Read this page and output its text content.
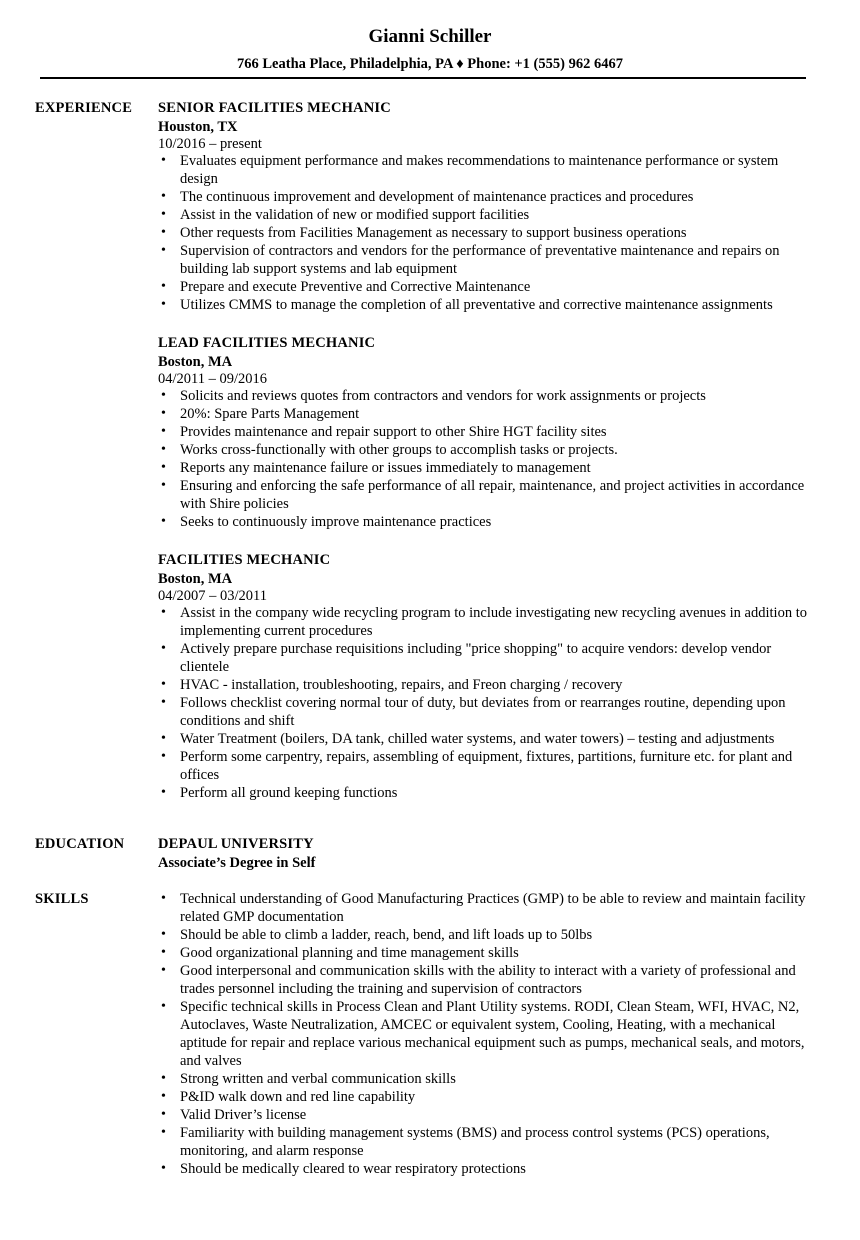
Gianni Schiller
766 Leatha Place, Philadelphia, PA ♦ Phone: +1 (555) 962 6467
EXPERIENCE SENIOR FACILITIES MECHANIC
Houston, TX
10/2016 – present
• Evaluates equipment performance and makes recommendations to maintenance performance or system design
• The continuous improvement and development of maintenance practices and procedures
• Assist in the validation of new or modified support facilities
• Other requests from Facilities Management as necessary to support business operations
• Supervision of contractors and vendors for the performance of preventative maintenance and repairs on building lab support systems and lab equipment
• Prepare and execute Preventive and Corrective Maintenance
• Utilizes CMMS to manage the completion of all preventative and corrective maintenance assignments
LEAD FACILITIES MECHANIC
Boston, MA
04/2011 – 09/2016
• Solicits and reviews quotes from contractors and vendors for work assignments or projects
• 20%: Spare Parts Management
• Provides maintenance and repair support to other Shire HGT facility sites
• Works cross-functionally with other groups to accomplish tasks or projects.
• Reports any maintenance failure or issues immediately to management
• Ensuring and enforcing the safe performance of all repair, maintenance, and project activities in accordance with Shire policies
• Seeks to continuously improve maintenance practices
FACILITIES MECHANIC
Boston, MA
04/2007 – 03/2011
• Assist in the company wide recycling program to include investigating new recycling avenues in addition to implementing current procedures
• Actively prepare purchase requisitions including "price shopping" to acquire vendors: develop vendor clientele
• HVAC - installation, troubleshooting, repairs, and Freon charging / recovery
• Follows checklist covering normal tour of duty, but deviates from or rearranges routine, depending upon conditions and shift
• Water Treatment (boilers, DA tank, chilled water systems, and water towers) – testing and adjustments
• Perform some carpentry, repairs, assembling of equipment, fixtures, partitions, furniture etc. for plant and offices
• Perform all ground keeping functions
EDUCATION DEPAUL UNIVERSITY
Associate’s Degree in Self
SKILLS
•	Technical understanding of Good Manufacturing Practices (GMP) to be able to review and maintain facility related GMP documentation
• Should be able to climb a ladder, reach, bend, and lift loads up to 50lbs
• Good organizational planning and time management skills
• Good interpersonal and communication skills with the ability to interact with a variety of professional and trades personnel including the training and supervision of contractors
• Specific technical skills in Process Clean and Plant Utility systems. RODI, Clean Steam, WFI, HVAC, N2, Autoclaves, Waste Neutralization, AMCEC or equivalent system, Cooling, Heating, with a mechanical aptitude for repair and replace various mechanical equipment such as pumps, mechanical seals, and motors, and valves
• Strong written and verbal communication skills
• P&ID walk down and red line capability
• Valid Driver’s license
• Familiarity with building management systems (BMS) and process control systems (PCS) operations, monitoring, and alarm response
• Should be medically cleared to wear respiratory protections
